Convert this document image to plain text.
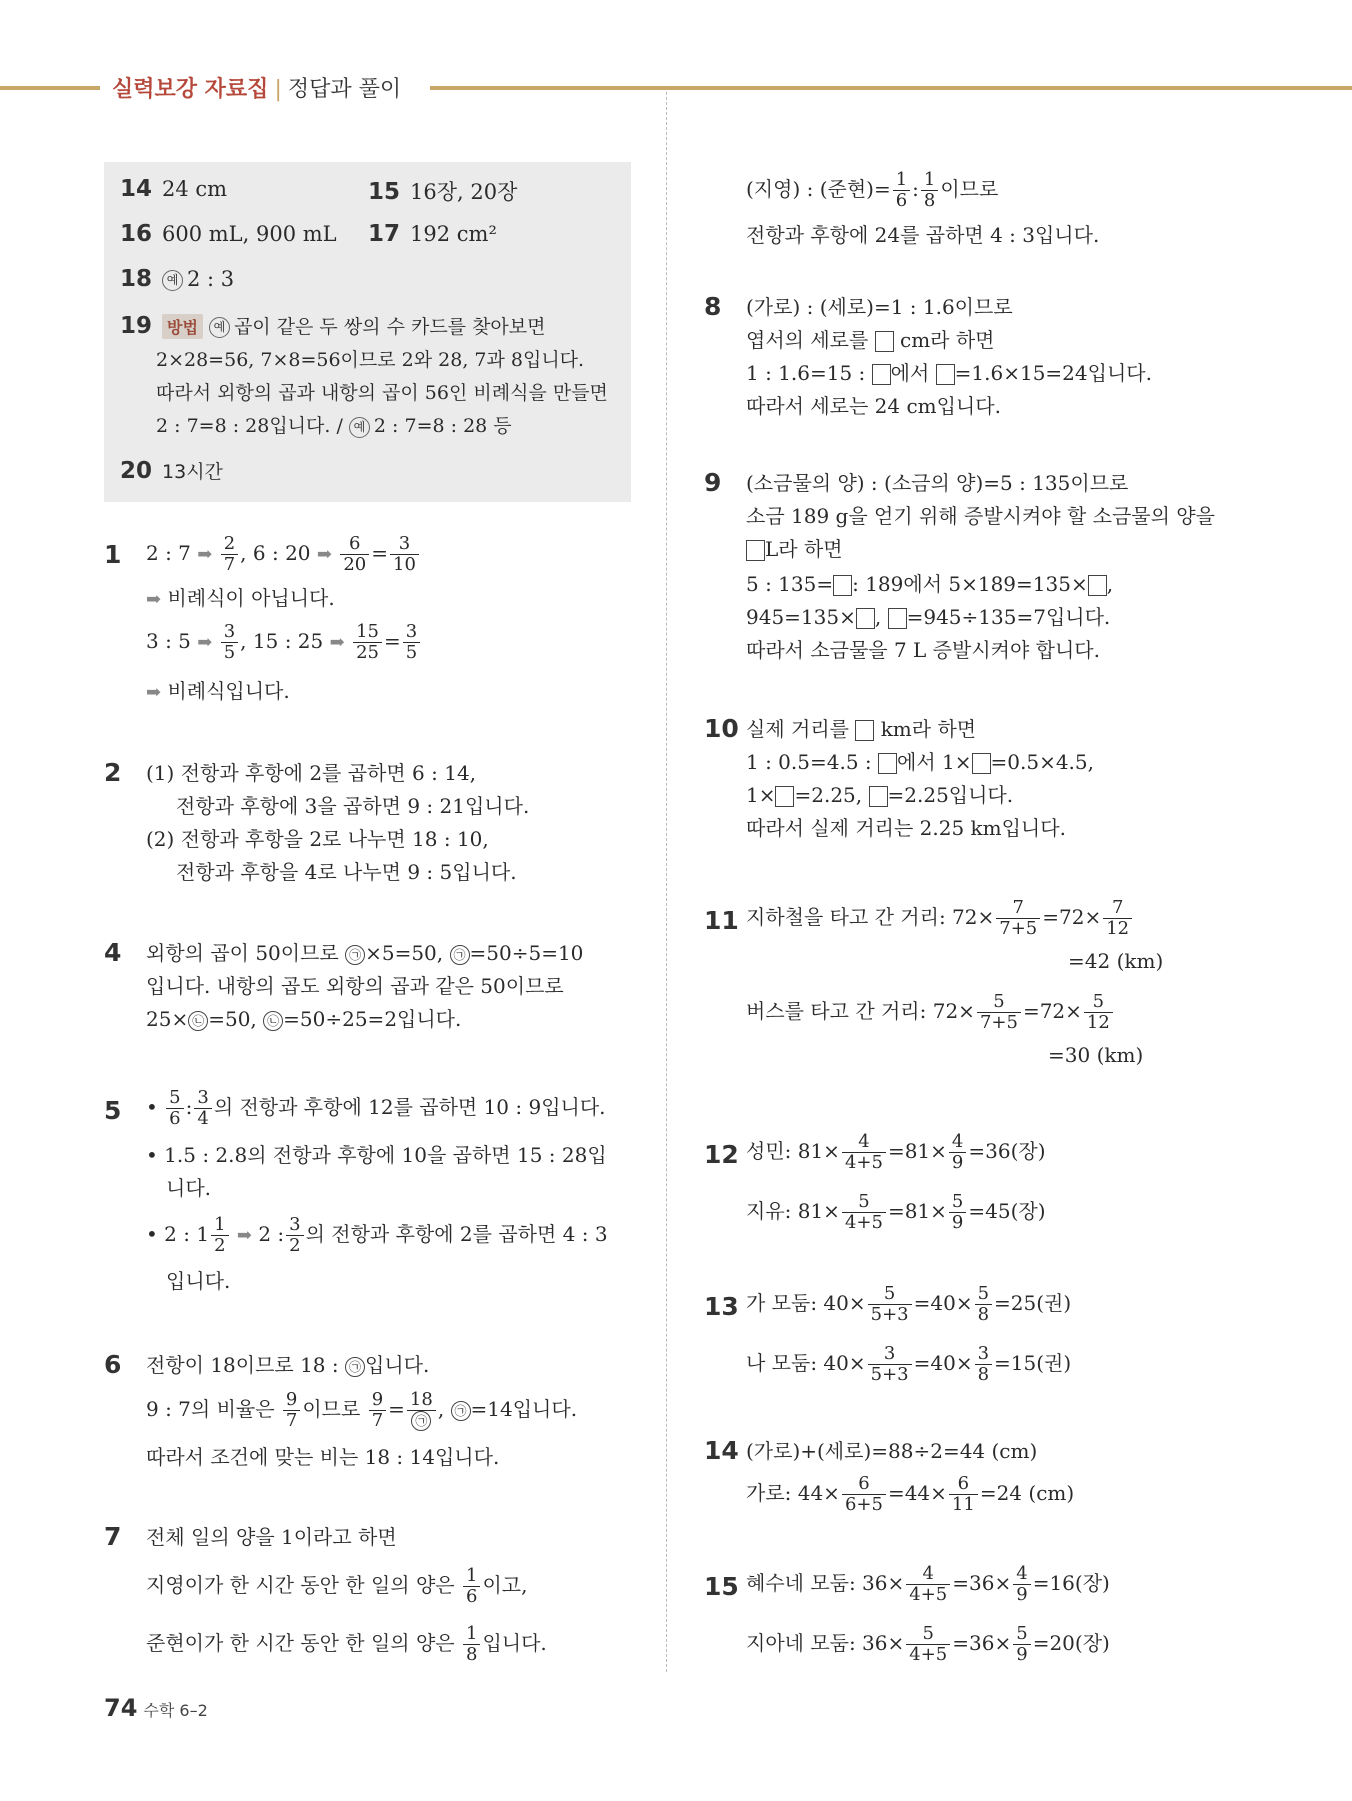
실력보강 자료집 | 정답과 풀이
14 24 cm	15 16장, 20장
16 600 mL, 900 mL 17 192 cm²
18 예 2 : 3
19 방법 예 곱이 같은 두 쌍의 수 카드를 찾아보면
2×28=56, 7×8=56이므로 2와 28, 7과 8입니다.
따라서 외항의 곱과 내항의 곱이 56인 비례식을 만들면
2 : 7=8 : 28입니다. / 예 2 : 7=8 : 28 등
20 13시간
1 2 : 7 ➡ $\frac{2}{7}$ , 6 : 20 ➡ $\frac{6}{20} = \frac{3}{10}$
➡ 비례식이 아닙니다.
3 : 5 ➡ $\frac{3}{5}$ , 15 : 25 ➡ $\frac{15}{25} = \frac{3}{5}$
➡ 비례식입니다.
2 (1) 전항과 후항에 2를 곱하면 6 : 14,
전항과 후항에 3을 곱하면 9 : 21입니다.
(2) 전항과 후항을 2로 나누면 18 : 10,
전항과 후항을 4로 나누면 9 : 5입니다.
4 외항의 곱이 50이므로 ㉠ ×5=50, ㉠ =50÷5=10
입니다. 내항의 곱도 외항의 곱과 같은 50이므로
25× ㉡ =50, ㉡ =50÷25=2입니다.
5 • $\frac{5}{6}$ : $\frac{3}{4}$ 의 전항과 후항에 12를 곱하면 10 : 9입니다.
• 1.5 : 2.8의 전항과 후항에 10을 곱하면 15 : 28입
니다.
• 2 : $1 \frac{1}{2}$ ➡ 2 : $\frac{3}{2}$ 의 전항과 후항에 2를 곱하면 4 : 3
입니다.
6 전항이 18이므로 18 : ㉠ 입니다.
9 : 7의 비율은 $\frac{9}{7}$ 이므로 $\frac{9}{7} = \frac{18}{㉠}$ , ㉠ =14입니다.
따라서 조건에 맞는 비는 18 : 14입니다.
7 전체 일의 양을 1이라고 하면
지영이가 한 시간 동안 한 일의 양은 $\frac{1}{6}$ 이고,
준현이가 한 시간 동안 한 일의 양은 $\frac{1}{8}$ 입니다.
(지영) : (준현)= $\frac{1}{6}$ : $\frac{1}{8}$ 이므로
전항과 후항에 24를 곱하면 4 : 3입니다.
8 (가로) : (세로)=1 : 1.6이므로
엽서의 세로를  cm라 하면
1 : 1.6=15 : 에서 =1.6×15=24입니다.
따라서 세로는 24 cm입니다.
9 (소금물의 양) : (소금의 양)=5 : 135이므로
소금 189 g을 얻기 위해 증발시켜야 할 소금물의 양을
L라 하면
5 : 135= : 189에서 5×189=135× ,
945=135× , =945÷135=7입니다.
따라서 소금물을 7 L 증발시켜야 합니다.
10 실제 거리를  km라 하면
1 : 0.5=4.5 : 에서 1× =0.5×4.5,
1× =2.25, =2.25입니다.
따라서 실제 거리는 2.25 km입니다.
11 지하철을 타고 간 거리: $72\times \frac{7}{7+5} =72\times \frac{7}{12}$
=42 (km)
버스를 타고 간 거리: $72\times \frac{5}{7+5} =72\times \frac{5}{12}$
=30 (km)
12 성민: $81\times \frac{4}{4+5} =81\times \frac{4}{9} =36$(장)
지유: $81\times \frac{5}{4+5} =81\times \frac{5}{9} =45$(장)
13 가 모둠: $40\times \frac{5}{5+3} =40\times \frac{5}{8} =25$(권)
나 모둠: $40\times \frac{3}{5+3} =40\times \frac{3}{8} =15$(권)
14 (가로)+(세로)=88÷2=44 (cm)
가로: $44\times \frac{6}{6+5} =44\times \frac{6}{11} =24$ (cm)
15 혜수네 모둠: $36\times \frac{4}{4+5} =36\times \frac{4}{9} =16$(장)
지아네 모둠: $36\times \frac{5}{4+5} =36\times \frac{5}{9} =20$(장)
74 수학 6–2
